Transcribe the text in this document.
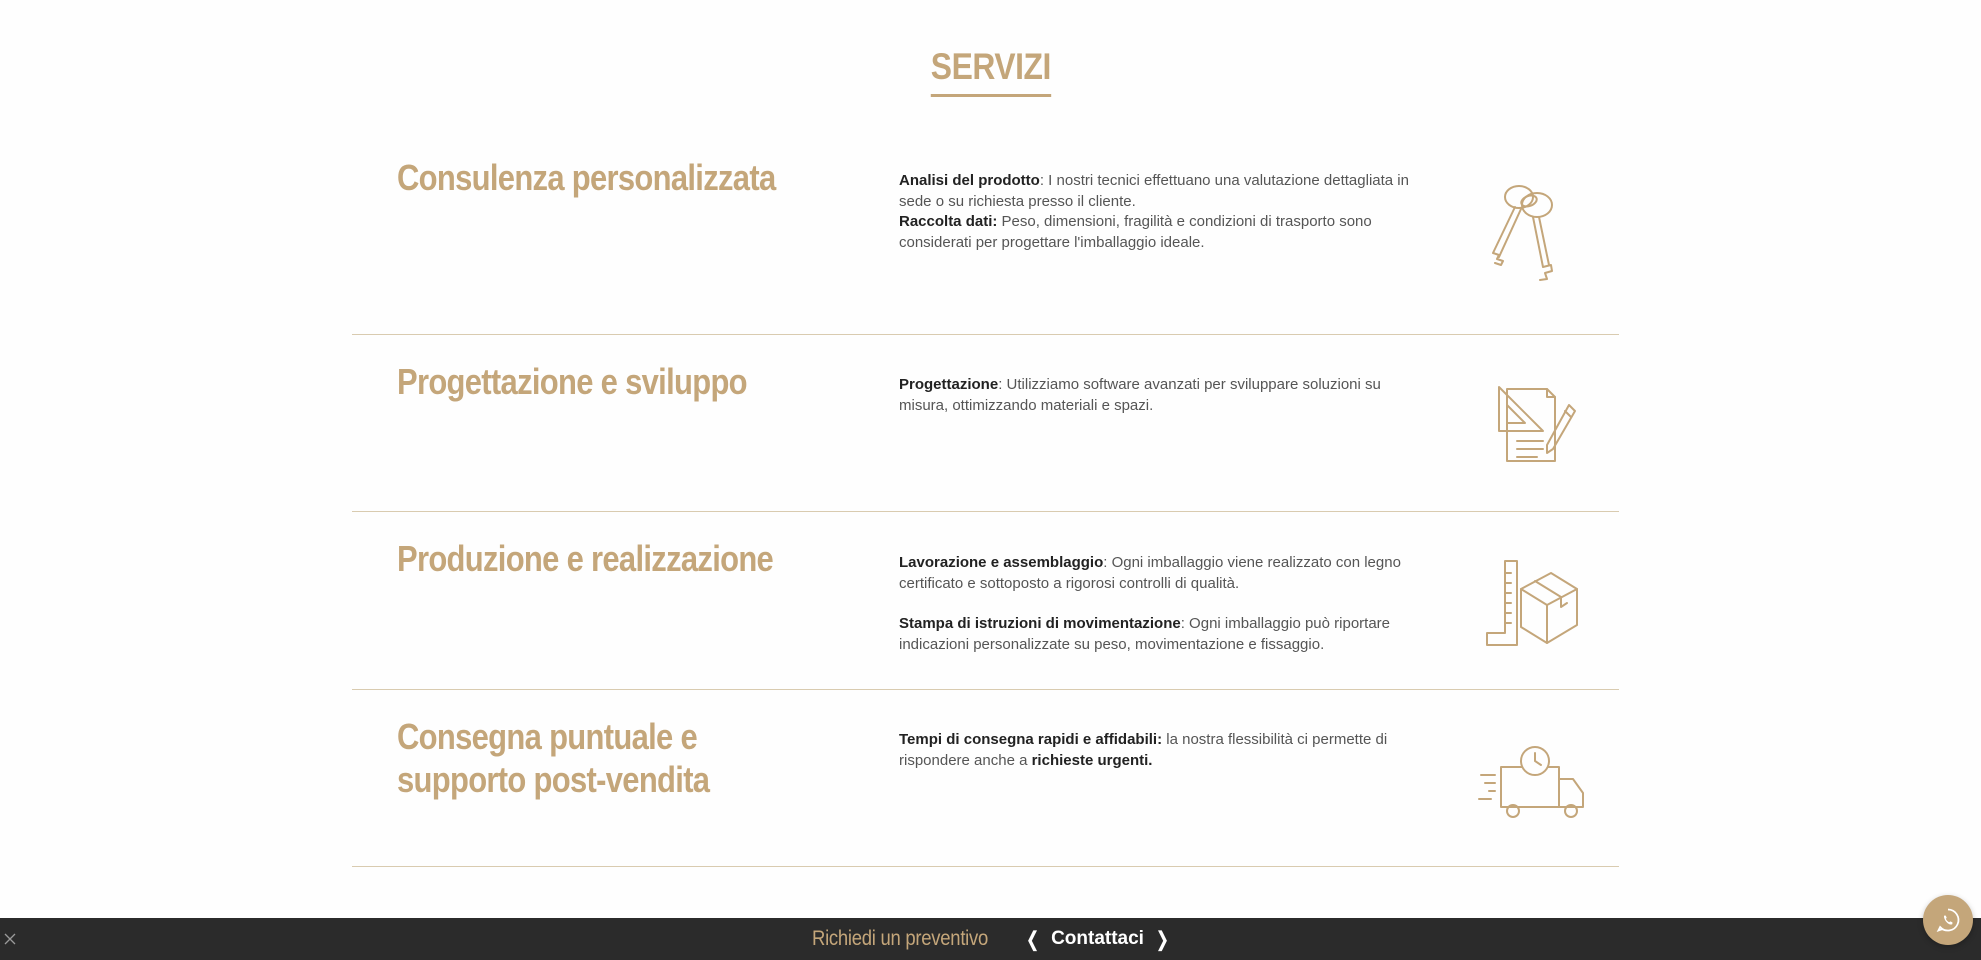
SERVIZI
Consulenza personalizzata	Analisi del prodotto: I nostri tecnici effettuano una valutazione dettagliata in sede o su richiesta presso il cliente.
Raccolta dati: Peso, dimensioni, fragilità e condizioni di trasporto sono considerati per progettare l'imballaggio ideale.

Progettazione e sviluppo	Progettazione: Utilizziamo software avanzati per sviluppare soluzioni su misura, ottimizzando materiali e spazi.

Produzione e realizzazione	Lavorazione e assemblaggio: Ogni imballaggio viene realizzato con legno certificato e sottoposto a rigorosi controlli di qualità.

Stampa di istruzioni di movimentazione: Ogni imballaggio può riportare indicazioni personalizzate su peso, movimentazione e fissaggio.

Consegna puntuale e supporto post-vendita

Tempi di consegna rapidi e affidabili: la nostra flessibilità ci permette di rispondere anche a richieste urgenti.

Richiedi un preventivo	❬ Contattaci ❭
